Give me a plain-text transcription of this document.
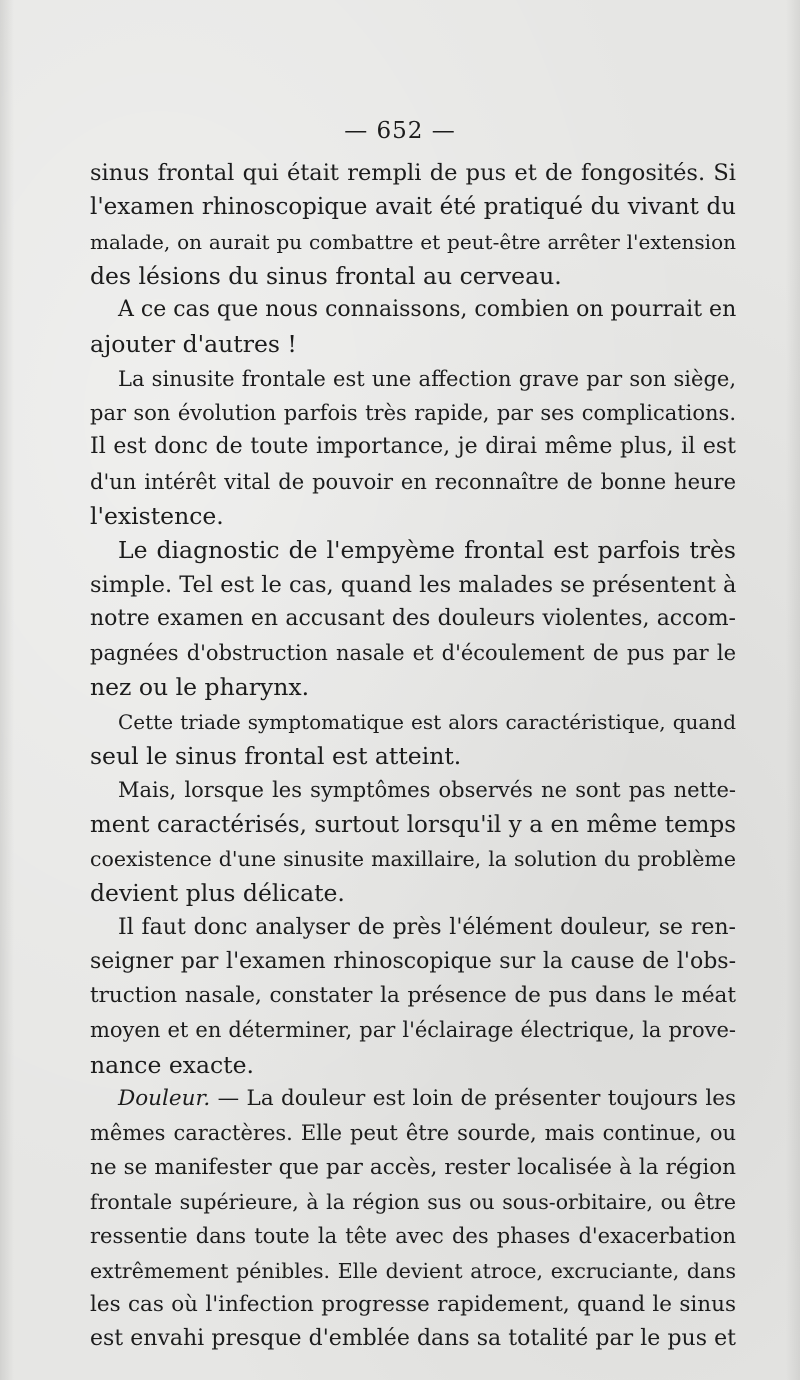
— 652 —
sinus frontal qui était rempli de pus et de fongosités. Si
l'examen rhinoscopique avait été pratiqué du vivant du
malade, on aurait pu combattre et peut-être arrêter l'extension
des lésions du sinus frontal au cerveau.
A ce cas que nous connaissons, combien on pourrait en
ajouter d'autres !
La sinusite frontale est une affection grave par son siège,
par son évolution parfois très rapide, par ses complications.
Il est donc de toute importance, je dirai même plus, il est
d'un intérêt vital de pouvoir en reconnaître de bonne heure
l'existence.
Le diagnostic de l'empyème frontal est parfois très
simple. Tel est le cas, quand les malades se présentent à
notre examen en accusant des douleurs violentes, accom-
pagnées d'obstruction nasale et d'écoulement de pus par le
nez ou le pharynx.
Cette triade symptomatique est alors caractéristique, quand
seul le sinus frontal est atteint.
Mais, lorsque les symptômes observés ne sont pas nette-
ment caractérisés, surtout lorsqu'il y a en même temps
coexistence d'une sinusite maxillaire, la solution du problème
devient plus délicate.
Il faut donc analyser de près l'élément douleur, se ren-
seigner par l'examen rhinoscopique sur la cause de l'obs-
truction nasale, constater la présence de pus dans le méat
moyen et en déterminer, par l'éclairage électrique, la prove-
nance exacte.
Douleur. — La douleur est loin de présenter toujours les
mêmes caractères. Elle peut être sourde, mais continue, ou
ne se manifester que par accès, rester localisée à la région
frontale supérieure, à la région sus ou sous-orbitaire, ou être
ressentie dans toute la tête avec des phases d'exacerbation
extrêmement pénibles. Elle devient atroce, excruciante, dans
les cas où l'infection progresse rapidement, quand le sinus
est envahi presque d'emblée dans sa totalité par le pus et
